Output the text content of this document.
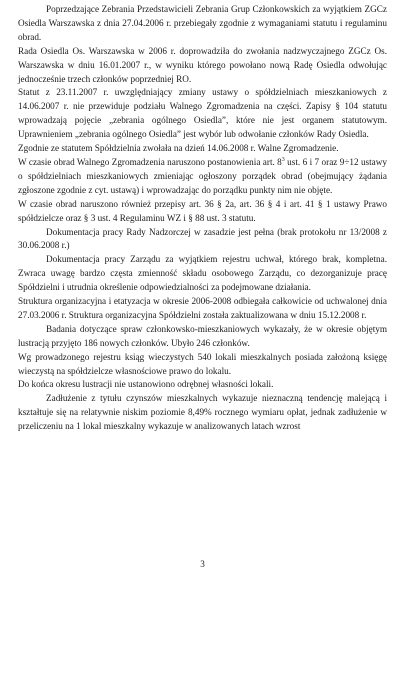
Poprzedzające Zebrania Przedstawicieli Zebrania Grup Członkowskich za wyjątkiem ZGCz Osiedla Warszawska z dnia 27.04.2006 r. przebiegały zgodnie z wymaganiami statutu i regulaminu obrad.

Rada Osiedla Os. Warszawska w 2006 r. doprowadziła do zwołania nadzwyczajnego ZGCz Os. Warszawska w dniu 16.01.2007 r., w wyniku którego powołano nową Radę Osiedla odwołując jednocześnie trzech członków poprzedniej RO.

Statut z 23.11.2007 r. uwzględniający zmiany ustawy o spółdzielniach mieszkaniowych z 14.06.2007 r. nie przewiduje podziału Walnego Zgromadzenia na części. Zapisy § 104 statutu wprowadzają pojęcie „zebrania ogólnego Osiedla”, które nie jest organem statutowym. Uprawnieniem „zebrania ogólnego Osiedla” jest wybór lub odwołanie członków Rady Osiedla.

Zgodnie ze statutem Spółdzielnia zwołała na dzień 14.06.2008 r. Walne Zgromadzenie.

W czasie obrad Walnego Zgromadzenia naruszono postanowienia art. $8^3$ ust. 6 i 7 oraz 9÷12 ustawy o spółdzielniach mieszkaniowych zmieniając ogłoszony porządek obrad (obejmujący żądania zgłoszone zgodnie z cyt. ustawą) i wprowadzając do porządku punkty nim nie objęte.

W czasie obrad naruszono również przepisy art. 36 § 2a, art. 36 § 4 i art. 41 § 1 ustawy Prawo spółdzielcze oraz § 3 ust. 4 Regulaminu WZ i § 88 ust. 3 statutu.

Dokumentacja pracy Rady Nadzorczej w zasadzie jest pełna (brak protokołu nr 13/2008 z 30.06.2008 r.)

Dokumentacja pracy Zarządu za wyjątkiem rejestru uchwał, którego brak, kompletna. Zwraca uwagę bardzo częsta zmienność składu osobowego Zarządu, co dezorganizuje pracę Spółdzielni i utrudnia określenie odpowiedzialności za podejmowane działania.

Struktura organizacyjna i etatyzacja w okresie 2006-2008 odbiegała całkowicie od uchwalonej dnia 27.03.2006 r. Struktura organizacyjna Spółdzielni została zaktualizowana w dniu 15.12.2008 r.

Badania dotyczące spraw członkowsko-mieszkaniowych wykazały, że w okresie objętym lustracją przyjęto 186 nowych członków. Ubyło 246 członków.

Wg prowadzonego rejestru ksiąg wieczystych 540 lokali mieszkalnych posiada założoną księgę wieczystą na spółdzielcze własnościowe prawo do lokalu.

Do końca okresu lustracji nie ustanowiono odrębnej własności lokali.

Zadłużenie z tytułu czynszów mieszkalnych wykazuje nieznaczną tendencję malejącą i kształtuje się na relatywnie niskim poziomie 8,49% rocznego wymiaru opłat, jednak zadłużenie w przeliczeniu na 1 lokal mieszkalny wykazuje w analizowanych latach wzrost

3
